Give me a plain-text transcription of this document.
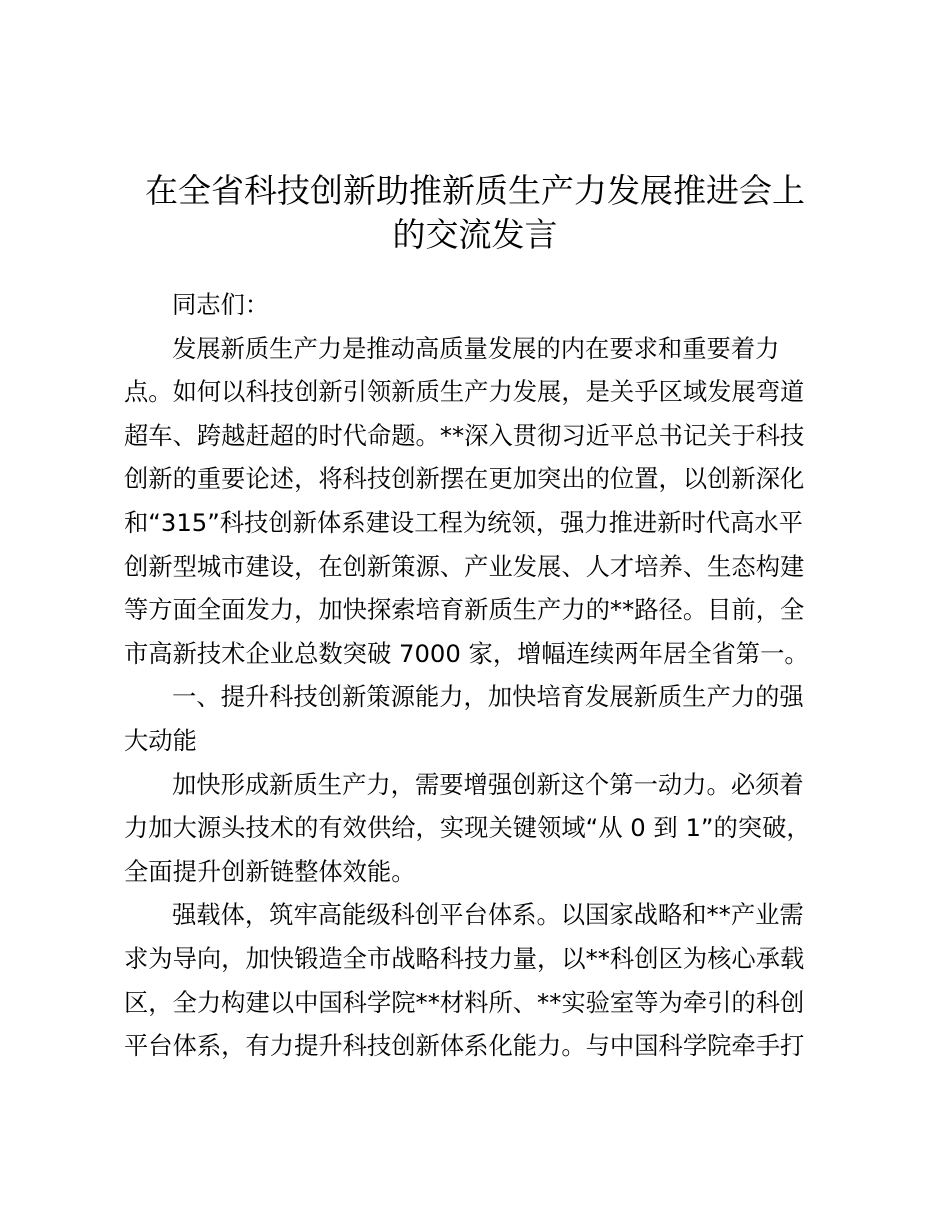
在全省科技创新助推新质生产力发展推进会上
的交流发言
同志们：
发展新质生产力是推动高质量发展的内在要求和重要着力
点。如何以科技创新引领新质生产力发展，是关乎区域发展弯道
超车、跨越赶超的时代命题。**深入贯彻习近平总书记关于科技
创新的重要论述，将科技创新摆在更加突出的位置，以创新深化
和“315”科技创新体系建设工程为统领，强力推进新时代高水平
创新型城市建设，在创新策源、产业发展、人才培养、生态构建
等方面全面发力，加快探索培育新质生产力的**路径。目前，全
市高新技术企业总数突破 7000 家，增幅连续两年居全省第一。
一、提升科技创新策源能力，加快培育发展新质生产力的强
大动能
加快形成新质生产力，需要增强创新这个第一动力。必须着
力加大源头技术的有效供给，实现关键领域“从 0 到 1”的突破，
全面提升创新链整体效能。
强载体，筑牢高能级科创平台体系。以国家战略和**产业需
求为导向，加快锻造全市战略科技力量，以**科创区为核心承载
区，全力构建以中国科学院**材料所、**实验室等为牵引的科创
平台体系，有力提升科技创新体系化能力。与中国科学院牵手打
